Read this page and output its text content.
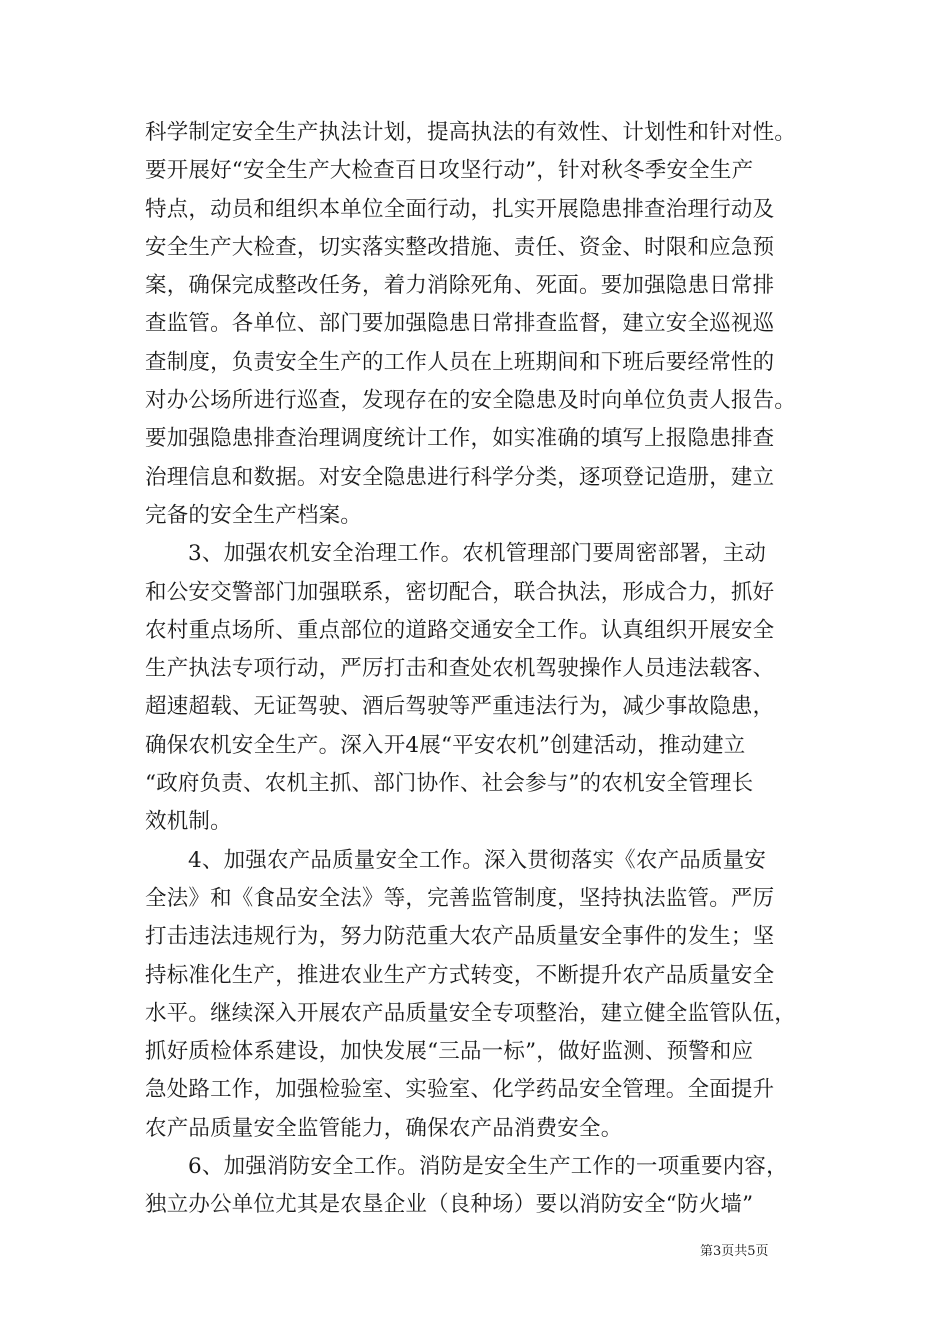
科学制定安全生产执法计划，提高执法的有效性、计划性和针对性。
要开展好“安全生产大检查百日攻坚行动”，针对秋冬季安全生产
特点，动员和组织本单位全面行动，扎实开展隐患排查治理行动及
安全生产大检查，切实落实整改措施、责任、资金、时限和应急预
案，确保完成整改任务，着力消除死角、死面。要加强隐患日常排
查监管。各单位、部门要加强隐患日常排查监督，建立安全巡视巡
查制度，负责安全生产的工作人员在上班期间和下班后要经常性的
对办公场所进行巡查，发现存在的安全隐患及时向单位负责人报告。
要加强隐患排查治理调度统计工作，如实准确的填写上报隐患排查
治理信息和数据。对安全隐患进行科学分类，逐项登记造册，建立
完备的安全生产档案。
3、加强农机安全治理工作。农机管理部门要周密部署，主动
和公安交警部门加强联系，密切配合，联合执法，形成合力，抓好
农村重点场所、重点部位的道路交通安全工作。认真组织开展安全
生产执法专项行动，严厉打击和查处农机驾驶操作人员违法载客、
超速超载、无证驾驶、酒后驾驶等严重违法行为，减少事故隐患，
确保农机安全生产。深入开4展“平安农机”创建活动，推动建立
“政府负责、农机主抓、部门协作、社会参与”的农机安全管理长
效机制。
4、加强农产品质量安全工作。深入贯彻落实《农产品质量安
全法》和《食品安全法》等，完善监管制度，坚持执法监管。严厉
打击违法违规行为，努力防范重大农产品质量安全事件的发生；坚
持标准化生产，推进农业生产方式转变，不断提升农产品质量安全
水平。继续深入开展农产品质量安全专项整治，建立健全监管队伍，
抓好质检体系建设，加快发展“三品一标”，做好监测、预警和应
急处路工作，加强检验室、实验室、化学药品安全管理。全面提升
农产品质量安全监管能力，确保农产品消费安全。
6、加强消防安全工作。消防是安全生产工作的一项重要内容，
独立办公单位尤其是农垦企业（良种场）要以消防安全“防火墙”
第3页共5页
